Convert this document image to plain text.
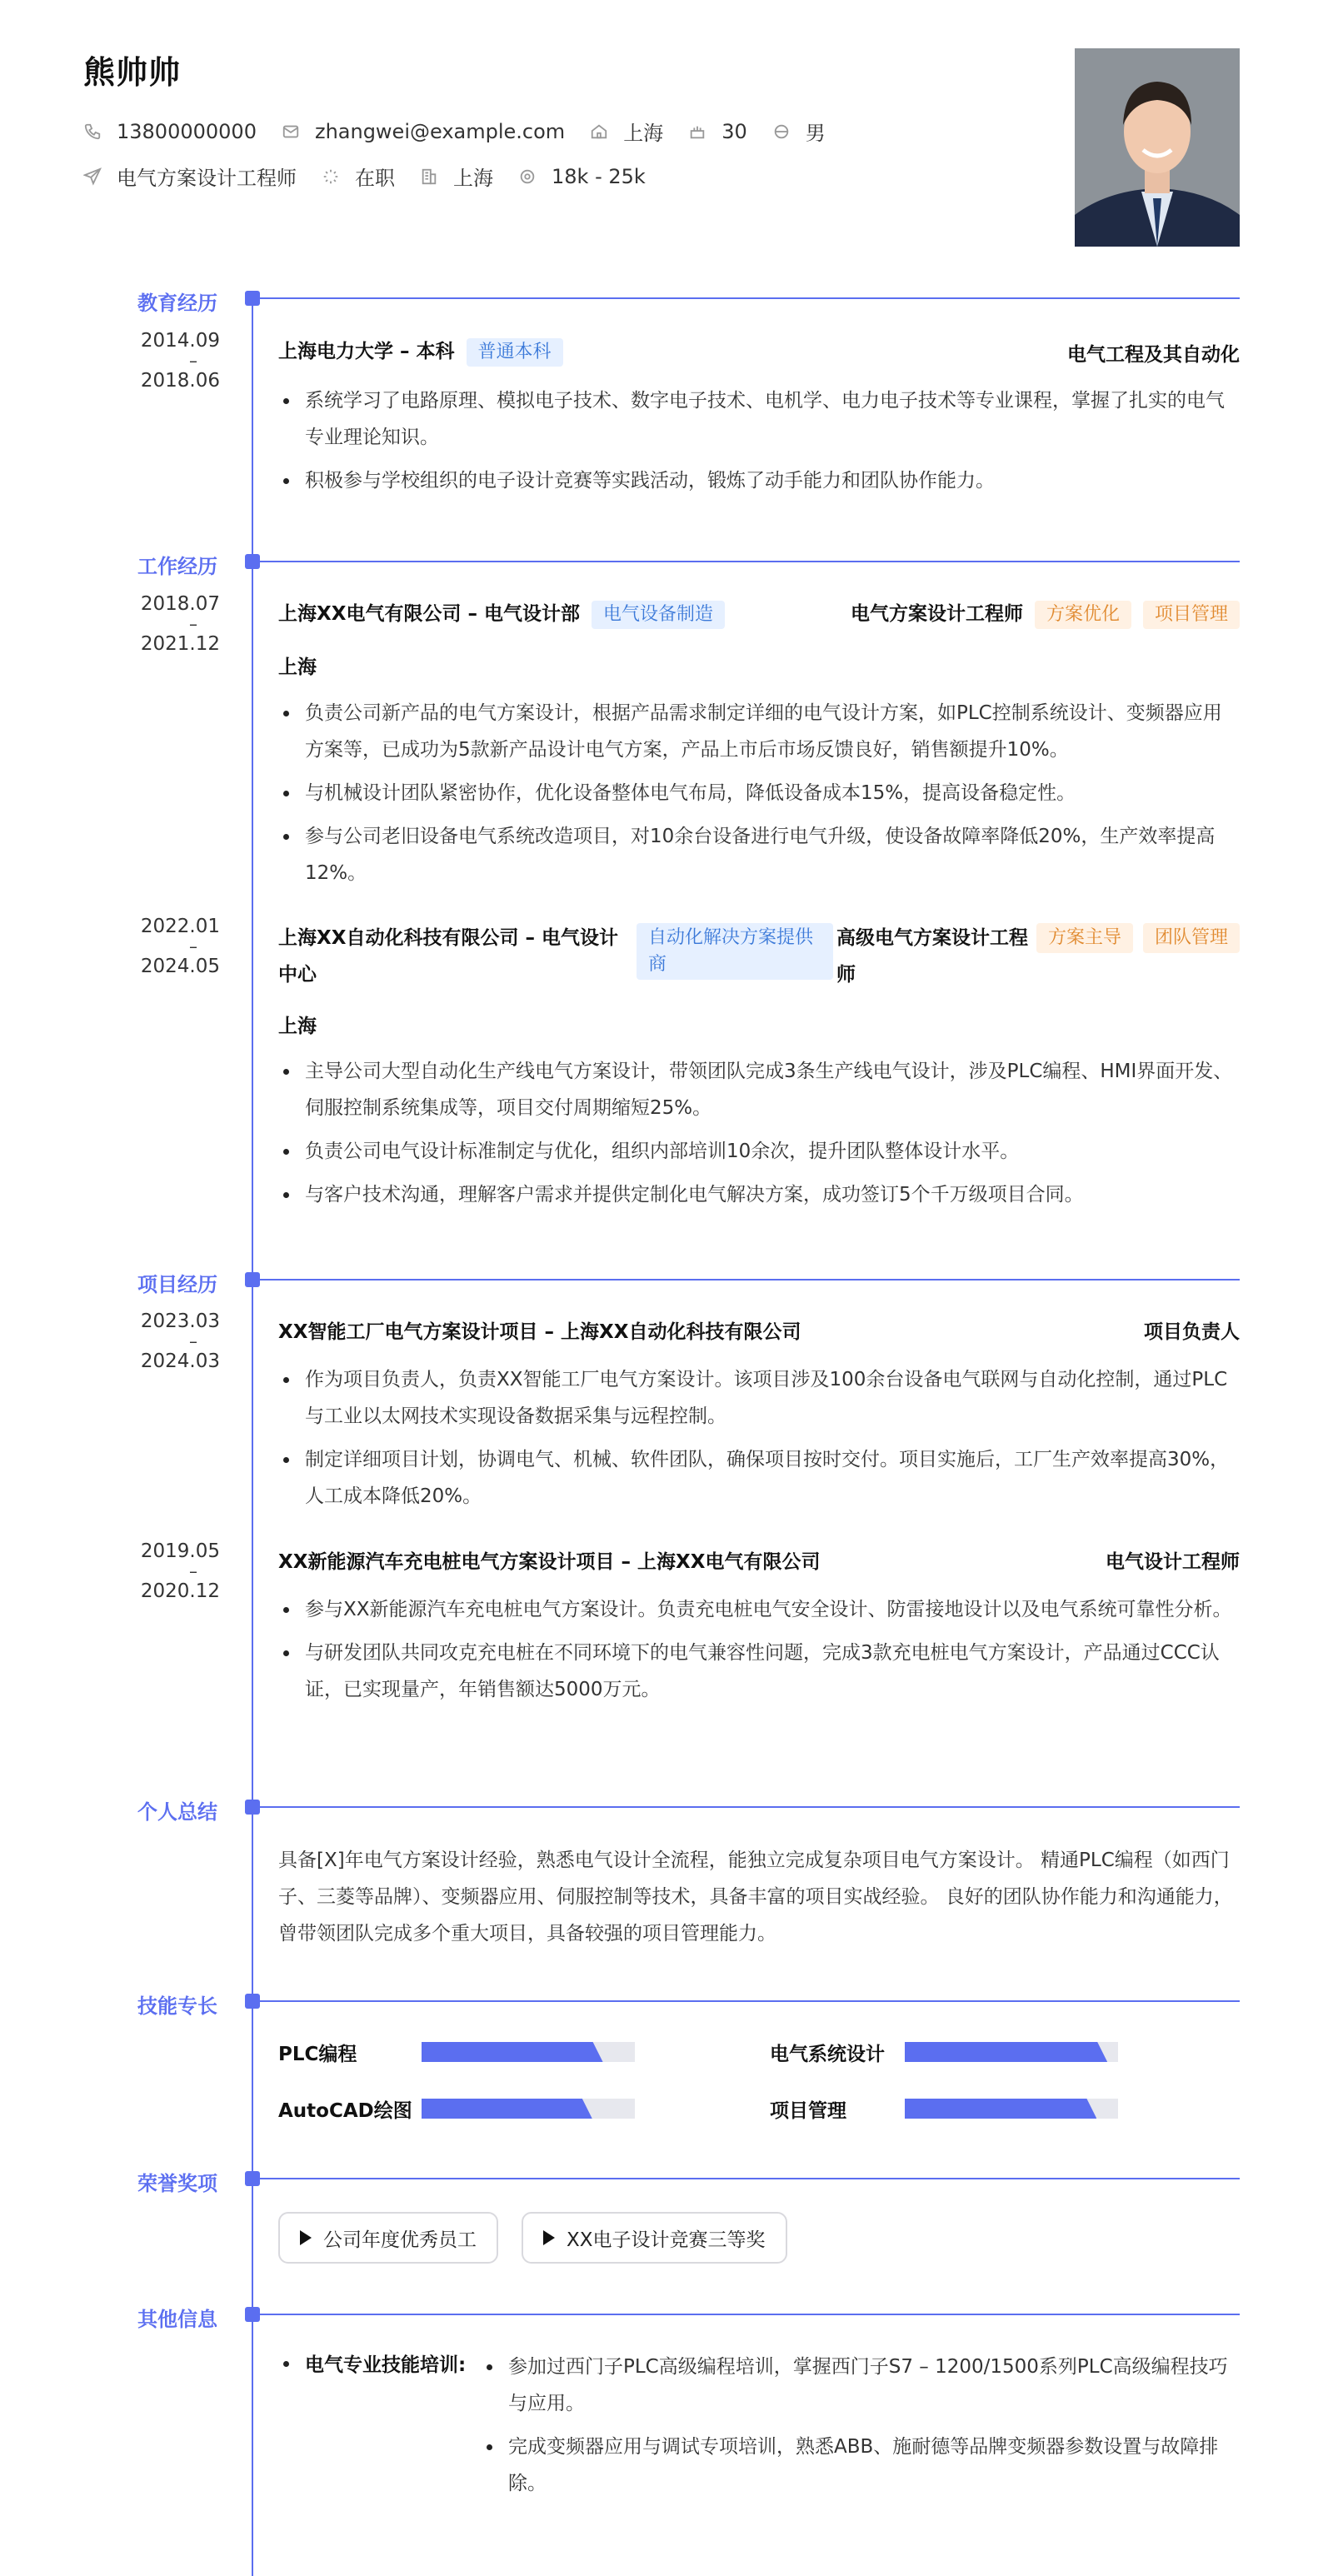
熊帅帅
13800000000	zhangwei@example.com	上海	30	男
电气方案设计工程师	在职	上海	18k - 25k
教育经历
2014.09
–
2018.06
上海电力大学 – 本科 普通本科	电气工程及其自动化
系统学习了电路原理、模拟电子技术、数字电子技术、电机学、电力电子技术等专业课程，掌握了扎实的电气专业理论知识。
积极参与学校组织的电子设计竞赛等实践活动，锻炼了动手能力和团队协作能力。
工作经历
2018.07
–
2021.12
上海XX电气有限公司 – 电气设计部 电气设备制造	电气方案设计工程师 方案优化 项目管理
上海
负责公司新产品的电气方案设计，根据产品需求制定详细的电气设计方案，如PLC控制系统设计、变频器应用方案等，已成功为5款新产品设计电气方案，产品上市后市场反馈良好，销售额提升10%。
与机械设计团队紧密协作，优化设备整体电气布局，降低设备成本15%，提高设备稳定性。
参与公司老旧设备电气系统改造项目，对10余台设备进行电气升级，使设备故障率降低20%，生产效率提高12%。
2022.01
–
2024.05
上海XX自动化科技有限公司 – 电气设计中心
自动化解决方案提供商
高级电气方案设计工程师
方案主导	团队管理
上海
主导公司大型自动化生产线电气方案设计，带领团队完成3条生产线电气设计，涉及PLC编程、HMI界面开发、伺服控制系统集成等，项目交付周期缩短25%。
负责公司电气设计标准制定与优化，组织内部培训10余次，提升团队整体设计水平。
与客户技术沟通，理解客户需求并提供定制化电气解决方案，成功签订5个千万级项目合同。
项目经历
2023.03
–
2024.03
XX智能工厂电气方案设计项目 – 上海XX自动化科技有限公司	项目负责人
作为项目负责人，负责XX智能工厂电气方案设计。该项目涉及100余台设备电气联网与自动化控制，通过PLC与工业以太网技术实现设备数据采集与远程控制。
制定详细项目计划，协调电气、机械、软件团队，确保项目按时交付。项目实施后，工厂生产效率提高30%，人工成本降低20%。
2019.05
–
2020.12
XX新能源汽车充电桩电气方案设计项目 – 上海XX电气有限公司	电气设计工程师
参与XX新能源汽车充电桩电气方案设计。负责充电桩电气安全设计、防雷接地设计以及电气系统可靠性分析。
与研发团队共同攻克充电桩在不同环境下的电气兼容性问题，完成3款充电桩电气方案设计，产品通过CCC认证，已实现量产，年销售额达5000万元。
个人总结
具备[X]年电气方案设计经验，熟悉电气设计全流程，能独立完成复杂项目电气方案设计。 精通PLC编程（如西门子、三菱等品牌）、变频器应用、伺服控制等技术，具备丰富的项目实战经验。 良好的团队协作能力和沟通能力，曾带领团队完成多个重大项目，具备较强的项目管理能力。
技能专长
PLC编程	电气系统设计
AutoCAD绘图	项目管理
荣誉奖项
公司年度优秀员工	XX电子设计竞赛三等奖
其他信息
电气专业技能培训:	参加过西门子PLC高级编程培训，掌握西门子S7 – 1200/1500系列PLC高级编程技巧与应用。
完成变频器应用与调试专项培训，熟悉ABB、施耐德等品牌变频器参数设置与故障排除。
